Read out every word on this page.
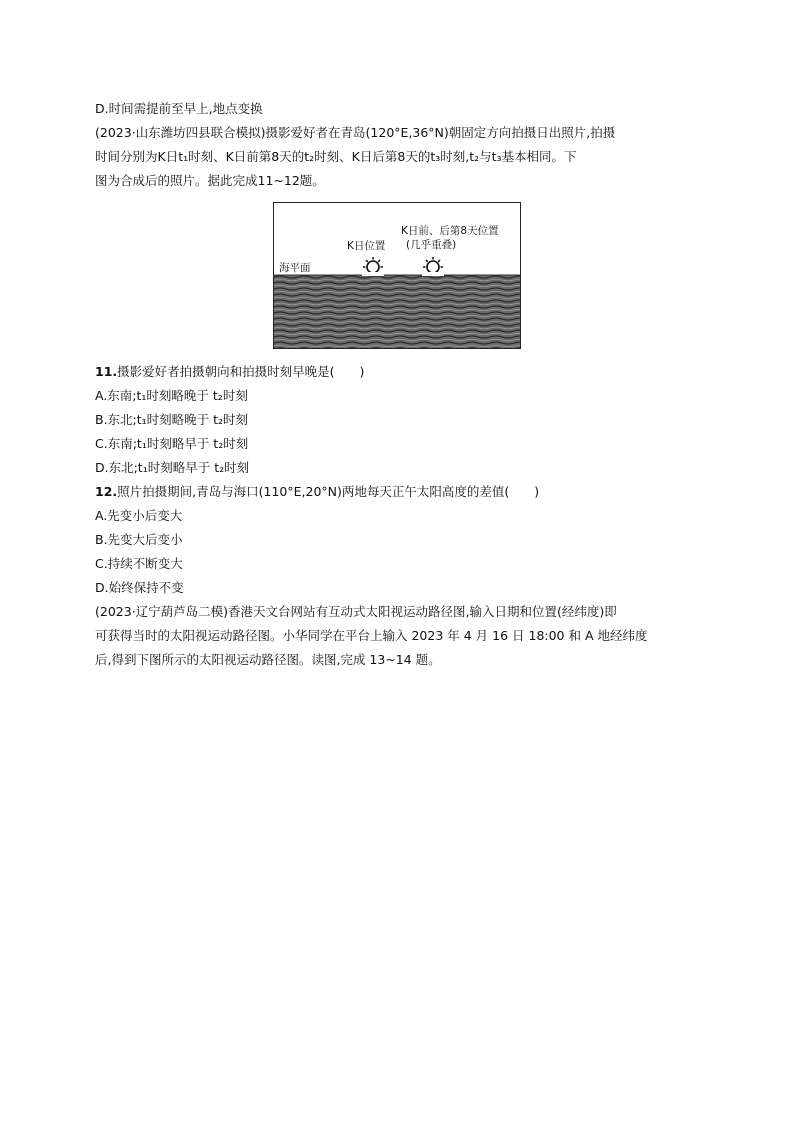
D.时间需提前至早上,地点变换
(2023·山东潍坊四县联合模拟)摄影爱好者在青岛(120°E,36°N)朝固定方向拍摄日出照片,拍摄
时间分别为K日t₁时刻、K日前第8天的t₂时刻、K日后第8天的t₃时刻,t₂与t₃基本相同。下
图为合成后的照片。据此完成11~12题。
K日位置
K日前、后第8天位置
(几乎重叠)
海平面
11.摄影爱好者拍摄朝向和拍摄时刻早晚是(　　)
A.东南;t₁时刻略晚于 t₂时刻
B.东北;t₁时刻略晚于 t₂时刻
C.东南;t₁时刻略早于 t₂时刻
D.东北;t₁时刻略早于 t₂时刻
12.照片拍摄期间,青岛与海口(110°E,20°N)两地每天正午太阳高度的差值(　　)
A.先变小后变大
B.先变大后变小
C.持续不断变大
D.始终保持不变
(2023·辽宁葫芦岛二模)香港天文台网站有互动式太阳视运动路径图,输入日期和位置(经纬度)即
可获得当时的太阳视运动路径图。小华同学在平台上输入 2023 年 4 月 16 日 18:00 和 A 地经纬度
后,得到下图所示的太阳视运动路径图。读图,完成 13~14 题。
